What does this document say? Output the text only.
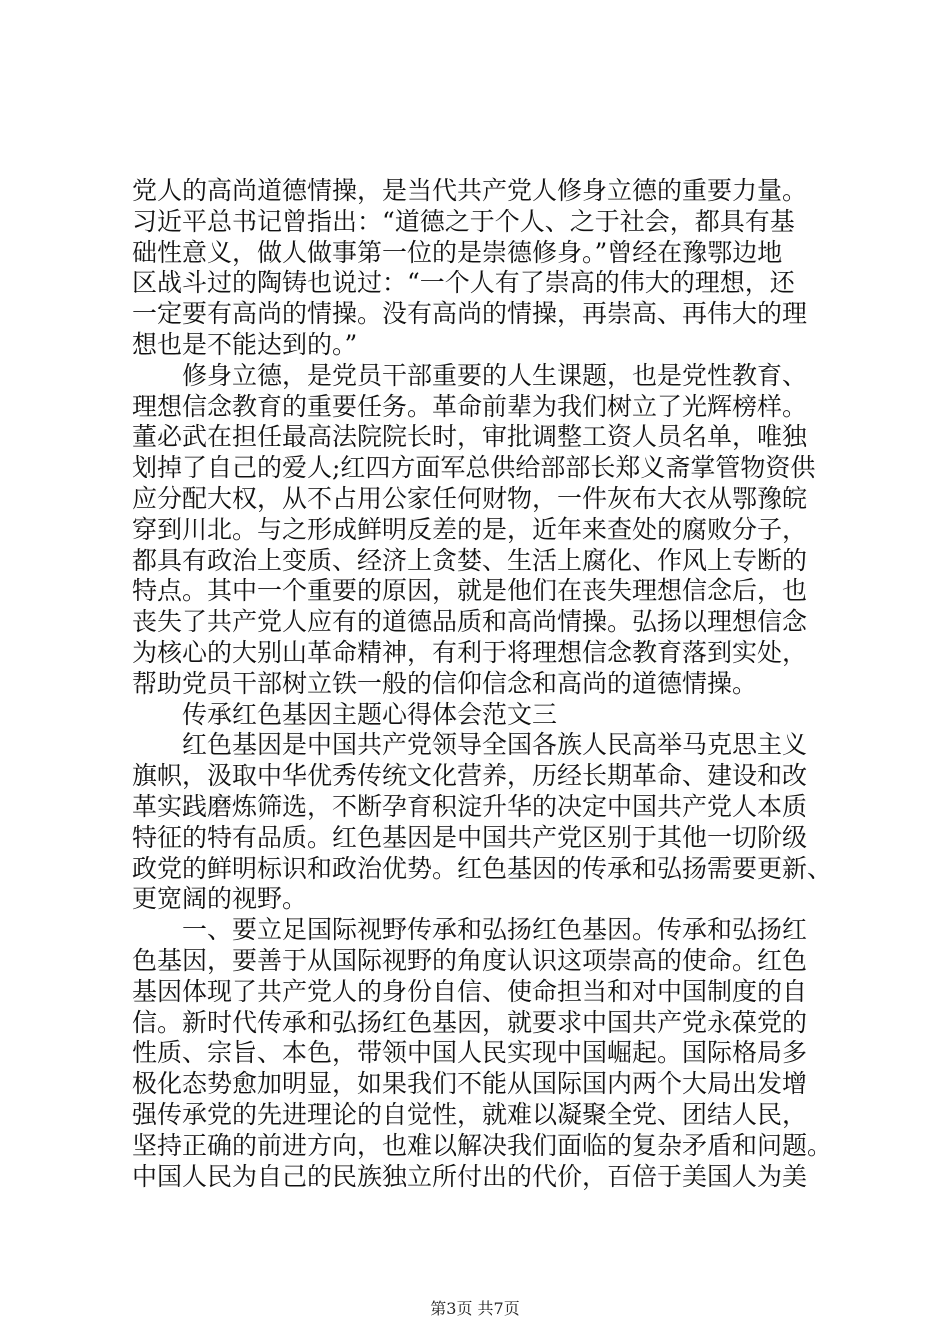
党人的高尚道德情操，是当代共产党人修身立德的重要力量。
习近平总书记曾指出：“道德之于个人、之于社会，都具有基
础性意义，做人做事第一位的是崇德修身。”曾经在豫鄂边地
区战斗过的陶铸也说过：“一个人有了崇高的伟大的理想，还
一定要有高尚的情操。没有高尚的情操，再崇高、再伟大的理
想也是不能达到的。”
　　修身立德，是党员干部重要的人生课题，也是党性教育、
理想信念教育的重要任务。革命前辈为我们树立了光辉榜样。
董必武在担任最高法院院长时，审批调整工资人员名单，唯独
划掉了自己的爱人;红四方面军总供给部部长郑义斋掌管物资供
应分配大权，从不占用公家任何财物，一件灰布大衣从鄂豫皖
穿到川北。与之形成鲜明反差的是，近年来查处的腐败分子，
都具有政治上变质、经济上贪婪、生活上腐化、作风上专断的
特点。其中一个重要的原因，就是他们在丧失理想信念后，也
丧失了共产党人应有的道德品质和高尚情操。弘扬以理想信念
为核心的大别山革命精神，有利于将理想信念教育落到实处，
帮助党员干部树立铁一般的信仰信念和高尚的道德情操。
　　传承红色基因主题心得体会范文三
　　红色基因是中国共产党领导全国各族人民高举马克思主义
旗帜，汲取中华优秀传统文化营养，历经长期革命、建设和改
革实践磨炼筛选，不断孕育积淀升华的决定中国共产党人本质
特征的特有品质。红色基因是中国共产党区别于其他一切阶级
政党的鲜明标识和政治优势。红色基因的传承和弘扬需要更新、
更宽阔的视野。
　　一、要立足国际视野传承和弘扬红色基因。传承和弘扬红
色基因，要善于从国际视野的角度认识这项崇高的使命。红色
基因体现了共产党人的身份自信、使命担当和对中国制度的自
信。新时代传承和弘扬红色基因，就要求中国共产党永葆党的
性质、宗旨、本色，带领中国人民实现中国崛起。国际格局多
极化态势愈加明显，如果我们不能从国际国内两个大局出发增
强传承党的先进理论的自觉性，就难以凝聚全党、团结人民，
坚持正确的前进方向，也难以解决我们面临的复杂矛盾和问题。
中国人民为自己的民族独立所付出的代价，百倍于美国人为美
第3页 共7页
